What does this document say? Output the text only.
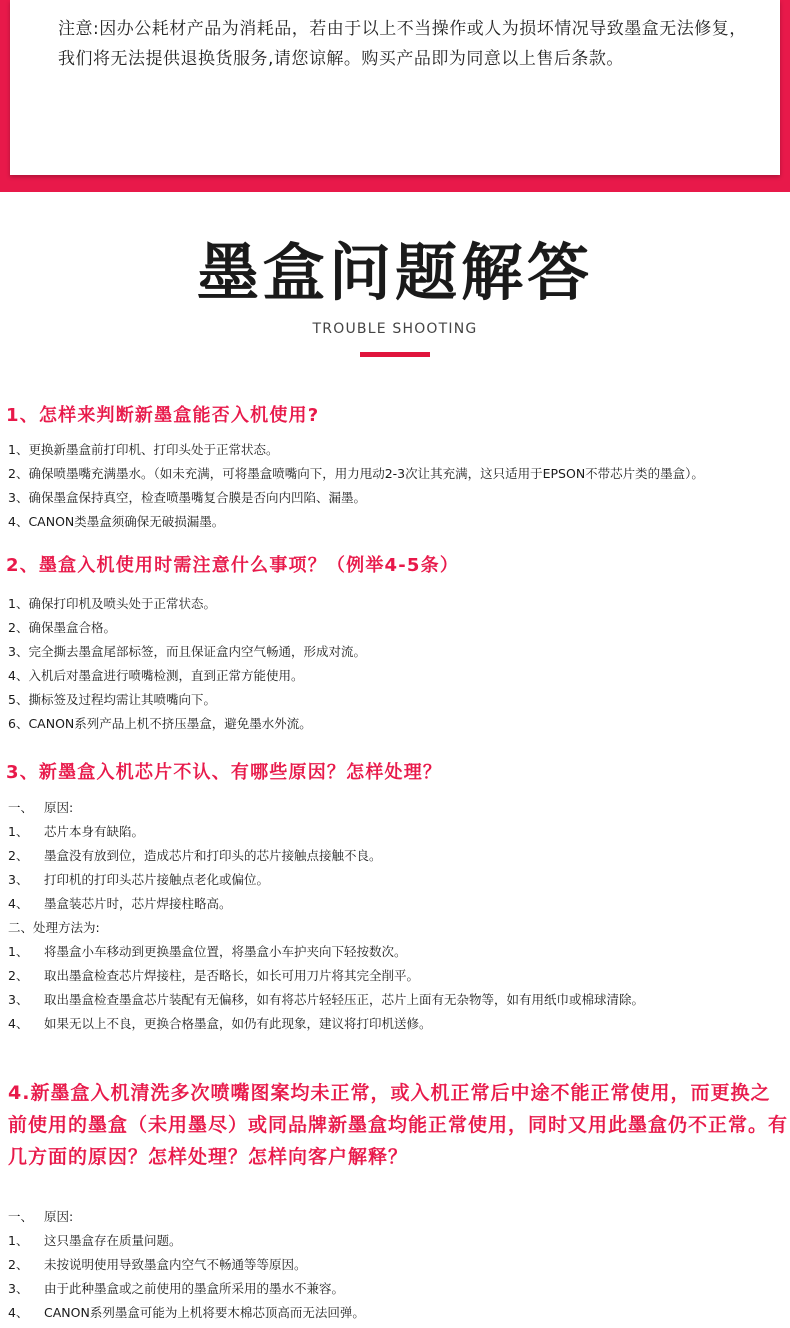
注意:因办公耗材产品为消耗品，若由于以上不当操作或人为损坏情况导致墨盒无法修复，我们将无法提供退换货服务,请您谅解。购买产品即为同意以上售后条款。
墨盒问题解答
TROUBLE SHOOTING
1、怎样来判断新墨盒能否入机使用?
1、更换新墨盒前打印机、打印头处于正常状态。
2、确保喷墨嘴充满墨水。（如未充满，可将墨盒喷嘴向下，用力甩动2-3次让其充满，这只适用于EPSON不带芯片类的墨盒）。
3、确保墨盒保持真空，检查喷墨嘴复合膜是否向内凹陷、漏墨。
4、CANON类墨盒须确保无破损漏墨。
2、墨盒入机使用时需注意什么事项？（例举4-5条）
1、确保打印机及喷头处于正常状态。
2、确保墨盒合格。
3、完全撕去墨盒尾部标签，而且保证盒内空气畅通，形成对流。
4、入机后对墨盒进行喷嘴检测，直到正常方能使用。
5、撕标签及过程均需让其喷嘴向下。
6、CANON系列产品上机不挤压墨盒，避免墨水外流。
3、新墨盒入机芯片不认、有哪些原因？怎样处理？
一、 原因:
1、 芯片本身有缺陷。
2、 墨盒没有放到位，造成芯片和打印头的芯片接触点接触不良。
3、 打印机的打印头芯片接触点老化或偏位。
4、 墨盒装芯片时，芯片焊接柱略高。
二、处理方法为:
1、 将墨盒小车移动到更换墨盒位置，将墨盒小车护夹向下轻按数次。
2、 取出墨盒检查芯片焊接柱，是否略长，如长可用刀片将其完全削平。
3、 取出墨盒检查墨盒芯片装配有无偏移，如有将芯片轻轻压正，芯片上面有无杂物等，如有用纸巾或棉球清除。
4、 如果无以上不良，更换合格墨盒，如仍有此现象，建议将打印机送修。
4.新墨盒入机清洗多次喷嘴图案均未正常，或入机正常后中途不能正常使用，而更换之前使用的墨盒（未用墨尽）或同品牌新墨盒均能正常使用，同时又用此墨盒仍不正常。有几方面的原因？怎样处理？怎样向客户解释？
一、 原因:
1、 这只墨盒存在质量问题。
2、 未按说明使用导致墨盒内空气不畅通等等原因。
3、 由于此种墨盒或之前使用的墨盒所采用的墨水不兼容。
4、 CANON系列墨盒可能为上机将要木棉芯顶高而无法回弹。
